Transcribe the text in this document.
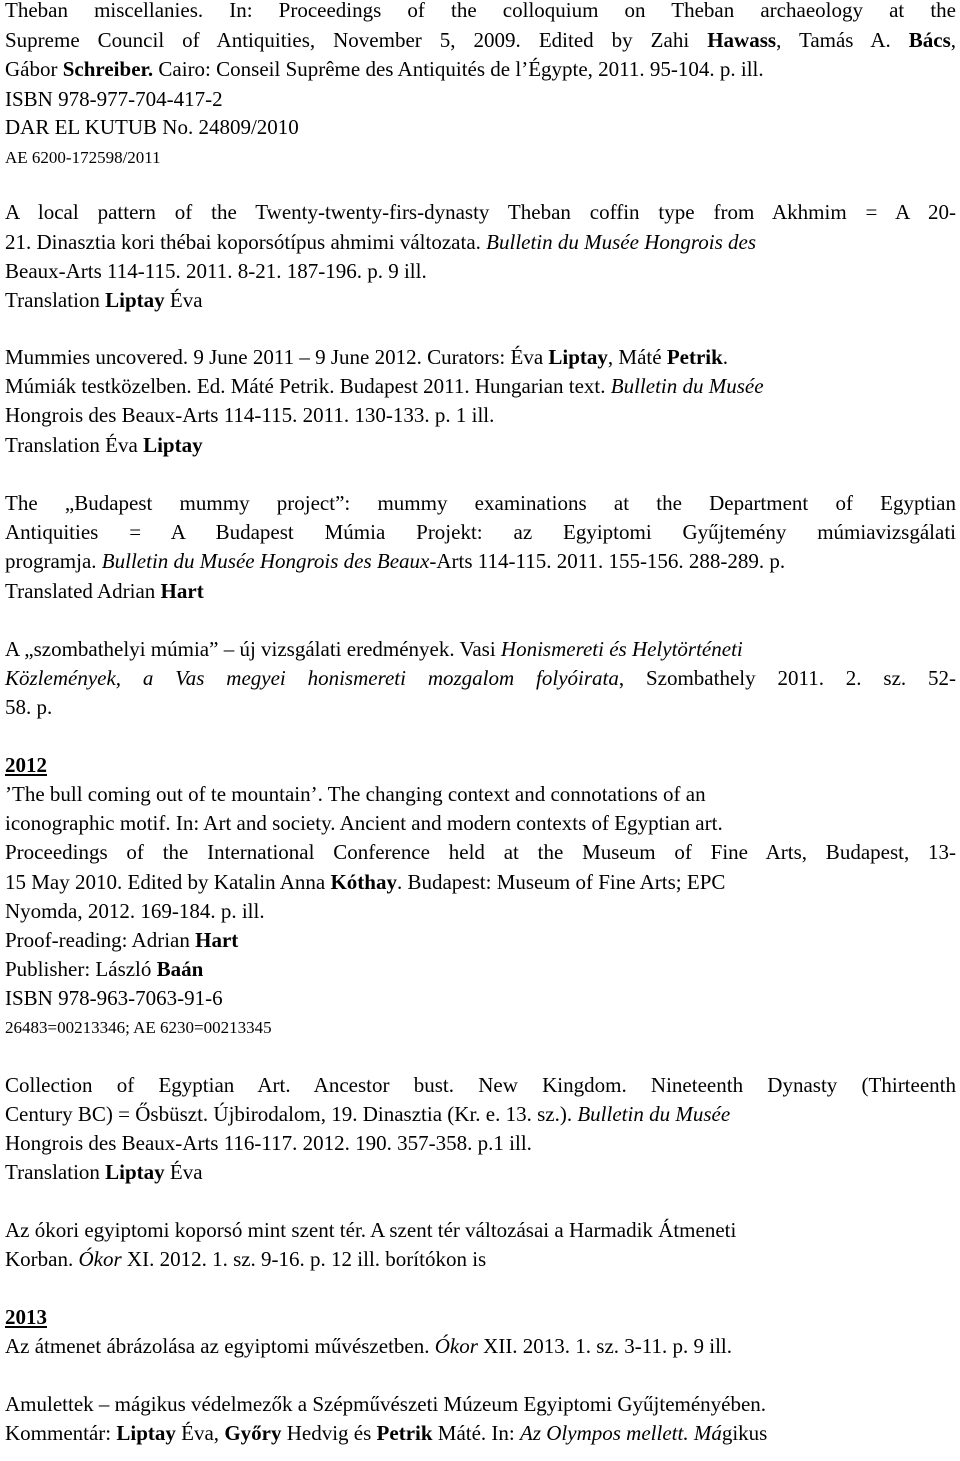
Theban miscellanies. In: Proceedings of the colloquium on Theban archaeology at the
Supreme Council of Antiquities, November 5, 2009. Edited by Zahi Hawass, Tamás A. Bács,
Gábor Schreiber. Cairo: Conseil Suprême des Antiquités de l’Égypte, 2011. 95-104. p. ill.
ISBN 978-977-704-417-2
DAR EL KUTUB No. 24809/2010
AE 6200-172598/2011
A local pattern of the Twenty-twenty-firs-dynasty Theban coffin type from Akhmim = A 20-
21. Dinasztia kori thébai koporsótípus ahmimi változata. Bulletin du Musée Hongrois des
Beaux-Arts 114-115. 2011. 8-21. 187-196. p. 9 ill.
Translation Liptay Éva
Mummies uncovered. 9 June 2011 – 9 June 2012. Curators: Éva Liptay, Máté Petrik.
Múmiák testközelben. Ed. Máté Petrik. Budapest 2011. Hungarian text. Bulletin du Musée
Hongrois des Beaux-Arts 114-115. 2011. 130-133. p. 1 ill.
Translation Éva Liptay
The „Budapest mummy project”: mummy examinations at the Department of Egyptian
Antiquities = A Budapest Múmia Projekt: az Egyiptomi Gyűjtemény múmiavizsgálati
programja. Bulletin du Musée Hongrois des Beaux-Arts 114-115. 2011. 155-156. 288-289. p.
Translated Adrian Hart
A „szombathelyi múmia” – új vizsgálati eredmények. Vasi Honismereti és Helytörténeti
Közlemények, a Vas megyei honismereti mozgalom folyóirata, Szombathely 2011. 2. sz. 52-
58. p.
2012
’The bull coming out of te mountain’. The changing context and connotations of an
iconographic motif. In: Art and society. Ancient and modern contexts of Egyptian art.
Proceedings of the International Conference held at the Museum of Fine Arts, Budapest, 13-
15 May 2010. Edited by Katalin Anna Kóthay. Budapest: Museum of Fine Arts; EPC
Nyomda, 2012. 169-184. p. ill.
Proof-reading: Adrian Hart
Publisher: László Baán
ISBN 978-963-7063-91-6
26483=00213346; AE 6230=00213345
Collection of Egyptian Art. Ancestor bust. New Kingdom. Nineteenth Dynasty (Thirteenth
Century BC) = Ősbüszt. Újbirodalom, 19. Dinasztia (Kr. e. 13. sz.). Bulletin du Musée
Hongrois des Beaux-Arts 116-117. 2012. 190. 357-358. p.1 ill.
Translation Liptay Éva
Az ókori egyiptomi koporsó mint szent tér. A szent tér változásai a Harmadik Átmeneti
Korban. Ókor XI. 2012. 1. sz. 9-16. p. 12 ill. borítókon is
2013
Az átmenet ábrázolása az egyiptomi művészetben. Ókor XII. 2013. 1. sz. 3-11. p. 9 ill.
Amulettek – mágikus védelmezők a Szépművészeti Múzeum Egyiptomi Gyűjteményében.
Kommentár: Liptay Éva, Győry Hedvig és Petrik Máté. In: Az Olympos mellett. Mágikus
